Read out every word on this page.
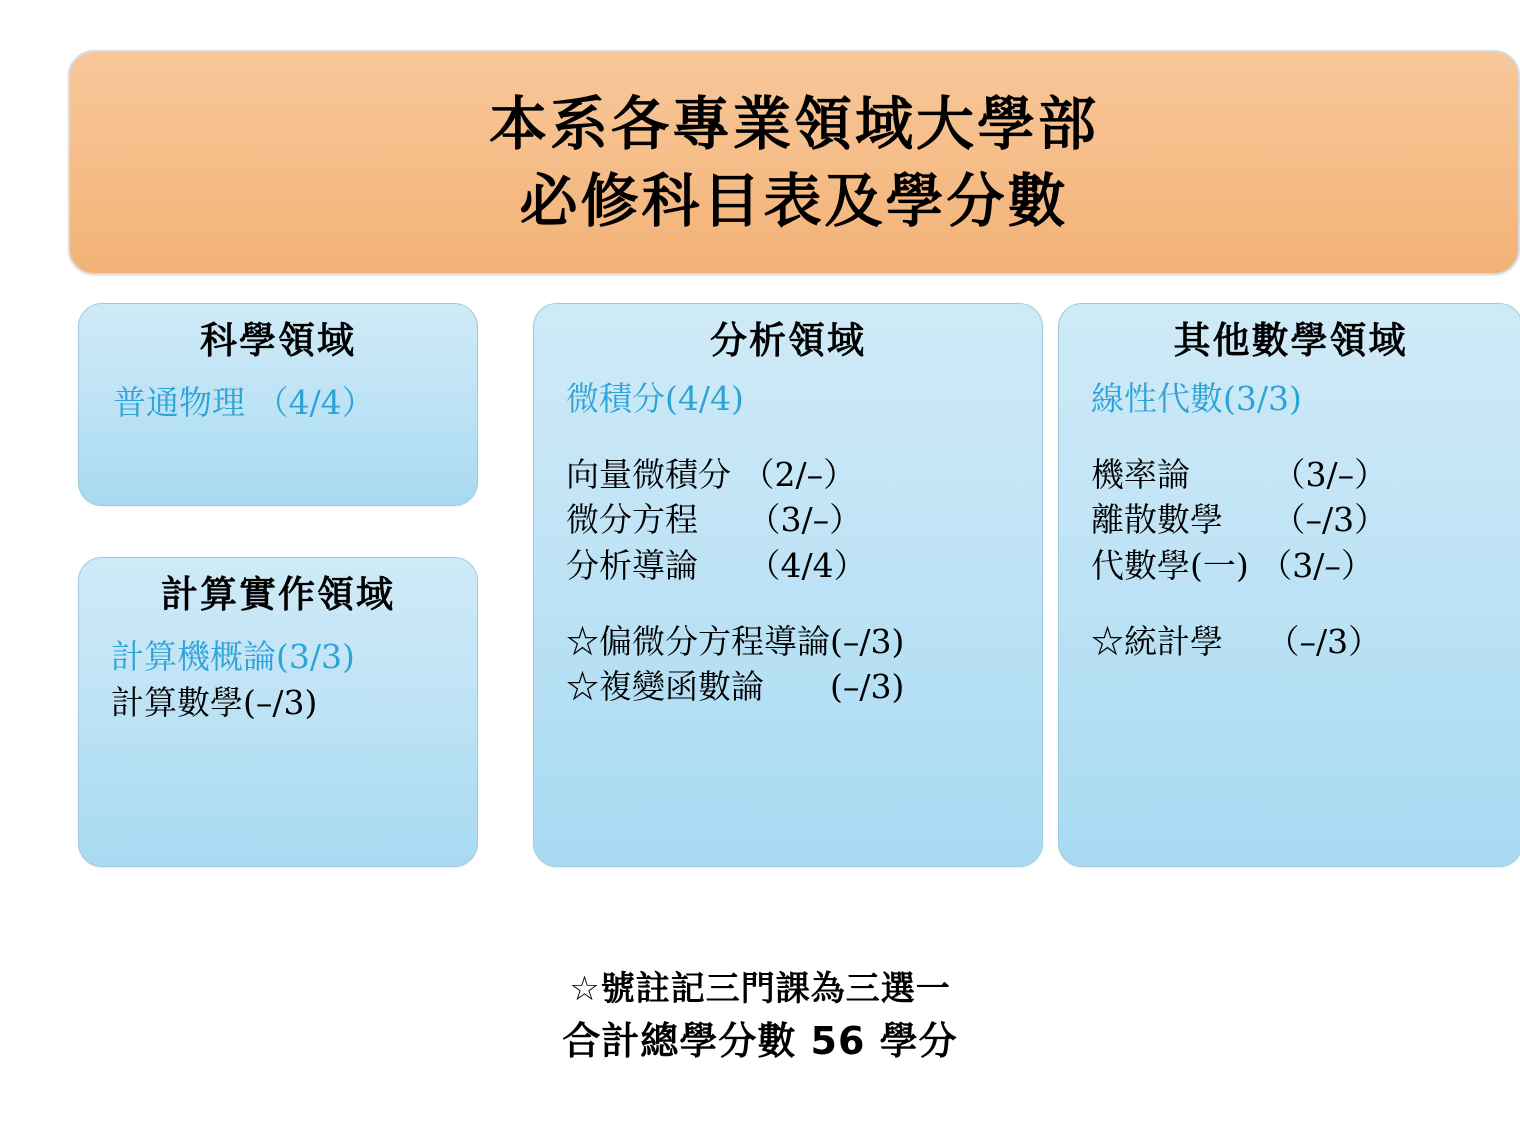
本系各專業領域大學部
必修科目表及學分數
科學領域
普通物理 （4/4）
計算實作領域
計算機概論(3/3)
計算數學(–/3)
分析領域
微積分(4/4)
向量微積分 （2/–）
微分方程　　（3/–）
分析導論　　（4/4）
☆偏微分方程導論(–/3)
☆複變函數論　　(–/3)
其他數學領域
線性代數(3/3)
機率論　　　（3/–）
離散數學　　（–/3）
代數學(一) （3/–）
☆統計學　 （–/3）
☆號註記三門課為三選一
合計總學分數 56 學分
